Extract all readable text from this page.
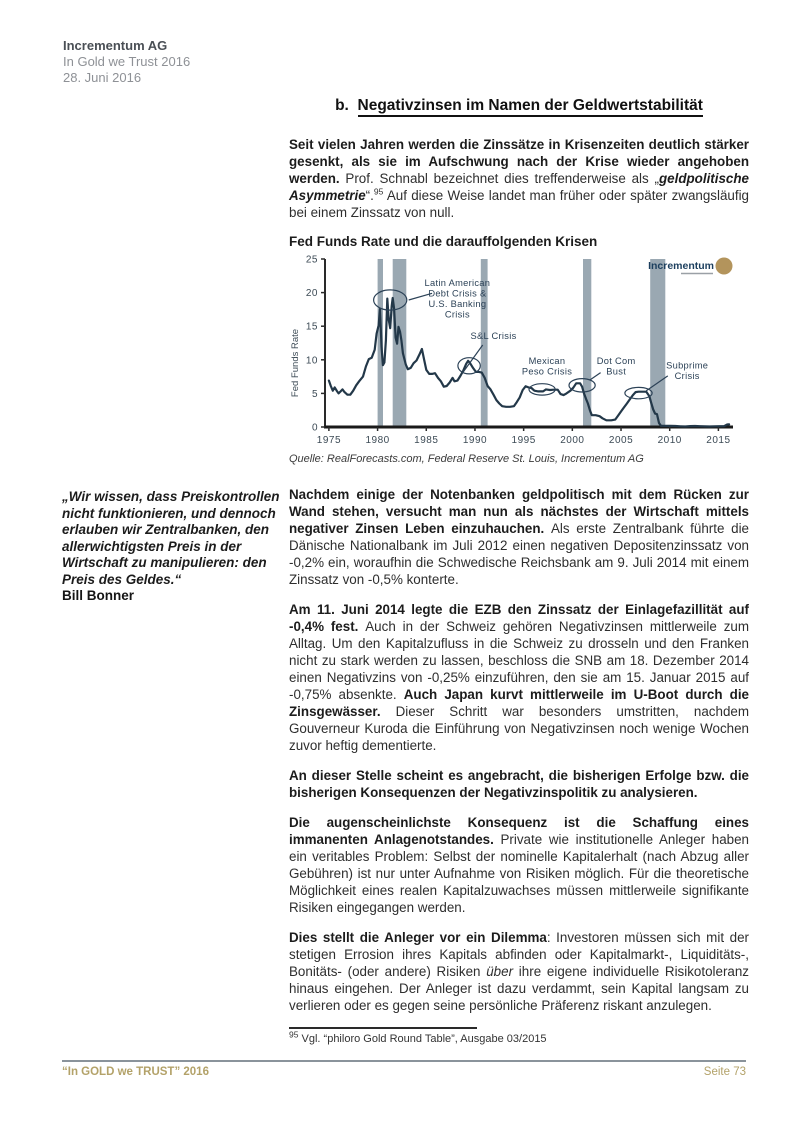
Incrementum AG
In Gold we Trust 2016
28. Juni 2016
b. Negativzinsen im Namen der Geldwertstabilität

Seit vielen Jahren werden die Zinssätze in Krisenzeiten deutlich stärker gesenkt, als sie im Aufschwung nach der Krise wieder angehoben werden. Prof. Schnabl bezeichnet dies treffenderweise als „geldpolitische Asymmetrie“.$^{95}$ Auf diese Weise landet man früher oder später zwangsläufig bei einem Zinssatz von null.

Fed Funds Rate und die darauffolgenden Krisen
0
5
10
15
20
25
1975 1980 1985 1990 1995 2000 2005 2010 2015
Fed Funds Rate
Latin American Debt Crisis & U.S. Banking Crisis
S&L Crisis
Mexican Peso Crisis
Dot Com Bust
Subprime Crisis
Incrementum
Quelle: RealForecasts.com, Federal Reserve St. Louis, Incrementum AG

Nachdem einige der Notenbanken geldpolitisch mit dem Rücken zur Wand stehen, versucht man nun als nächstes der Wirtschaft mittels negativer Zinsen Leben einzuhauchen. Als erste Zentralbank führte die Dänische Nationalbank im Juli 2012 einen negativen Depositenzinssatz von -0,2% ein, woraufhin die Schwedische Reichsbank am 9. Juli 2014 mit einem Zinssatz von -0,5% konterte.

Am 11. Juni 2014 legte die EZB den Zinssatz der Einlagefazillität auf -0,4% fest. Auch in der Schweiz gehören Negativzinsen mittlerweile zum Alltag. Um den Kapitalzufluss in die Schweiz zu drosseln und den Franken nicht zu stark werden zu lassen, beschloss die SNB am 18. Dezember 2014 einen Negativzins von -0,25% einzuführen, den sie am 15. Januar 2015 auf -0,75% absenkte. Auch Japan kurvt mittlerweile im U-Boot durch die Zinsgewässer. Dieser Schritt war besonders umstritten, nachdem Gouverneur Kuroda die Einführung von Negativzinsen noch wenige Wochen zuvor heftig dementierte.

An dieser Stelle scheint es angebracht, die bisherigen Erfolge bzw. die bisherigen Konsequenzen der Negativzinspolitik zu analysieren.

Die augenscheinlichste Konsequenz ist die Schaffung eines immanenten Anlagenotstandes. Private wie institutionelle Anleger haben ein veritables Problem: Selbst der nominelle Kapitalerhalt (nach Abzug aller Gebühren) ist nur unter Aufnahme von Risiken möglich. Für die theoretische Möglichkeit eines realen Kapitalzuwachses müssen mittlerweile signifikante Risiken eingegangen werden.

Dies stellt die Anleger vor ein Dilemma: Investoren müssen sich mit der stetigen Errosion ihres Kapitals abfinden oder Kapitalmarkt-, Liquiditäts-, Bonitäts- (oder andere) Risiken über ihre eigene individuelle Risikotoleranz hinaus eingehen. Der Anleger ist dazu verdammt, sein Kapital langsam zu verlieren oder es gegen seine persönliche Präferenz riskant anzulegen.

„Wir wissen, dass Preiskontrollen nicht funktionieren, und dennoch erlauben wir Zentralbanken, den allerwichtigsten Preis in der Wirtschaft zu manipulieren: den Preis des Geldes.“
Bill Bonner
$^{95}$ Vgl. “philoro Gold Round Table”, Ausgabe 03/2015
“In GOLD we TRUST” 2016	Seite 73
